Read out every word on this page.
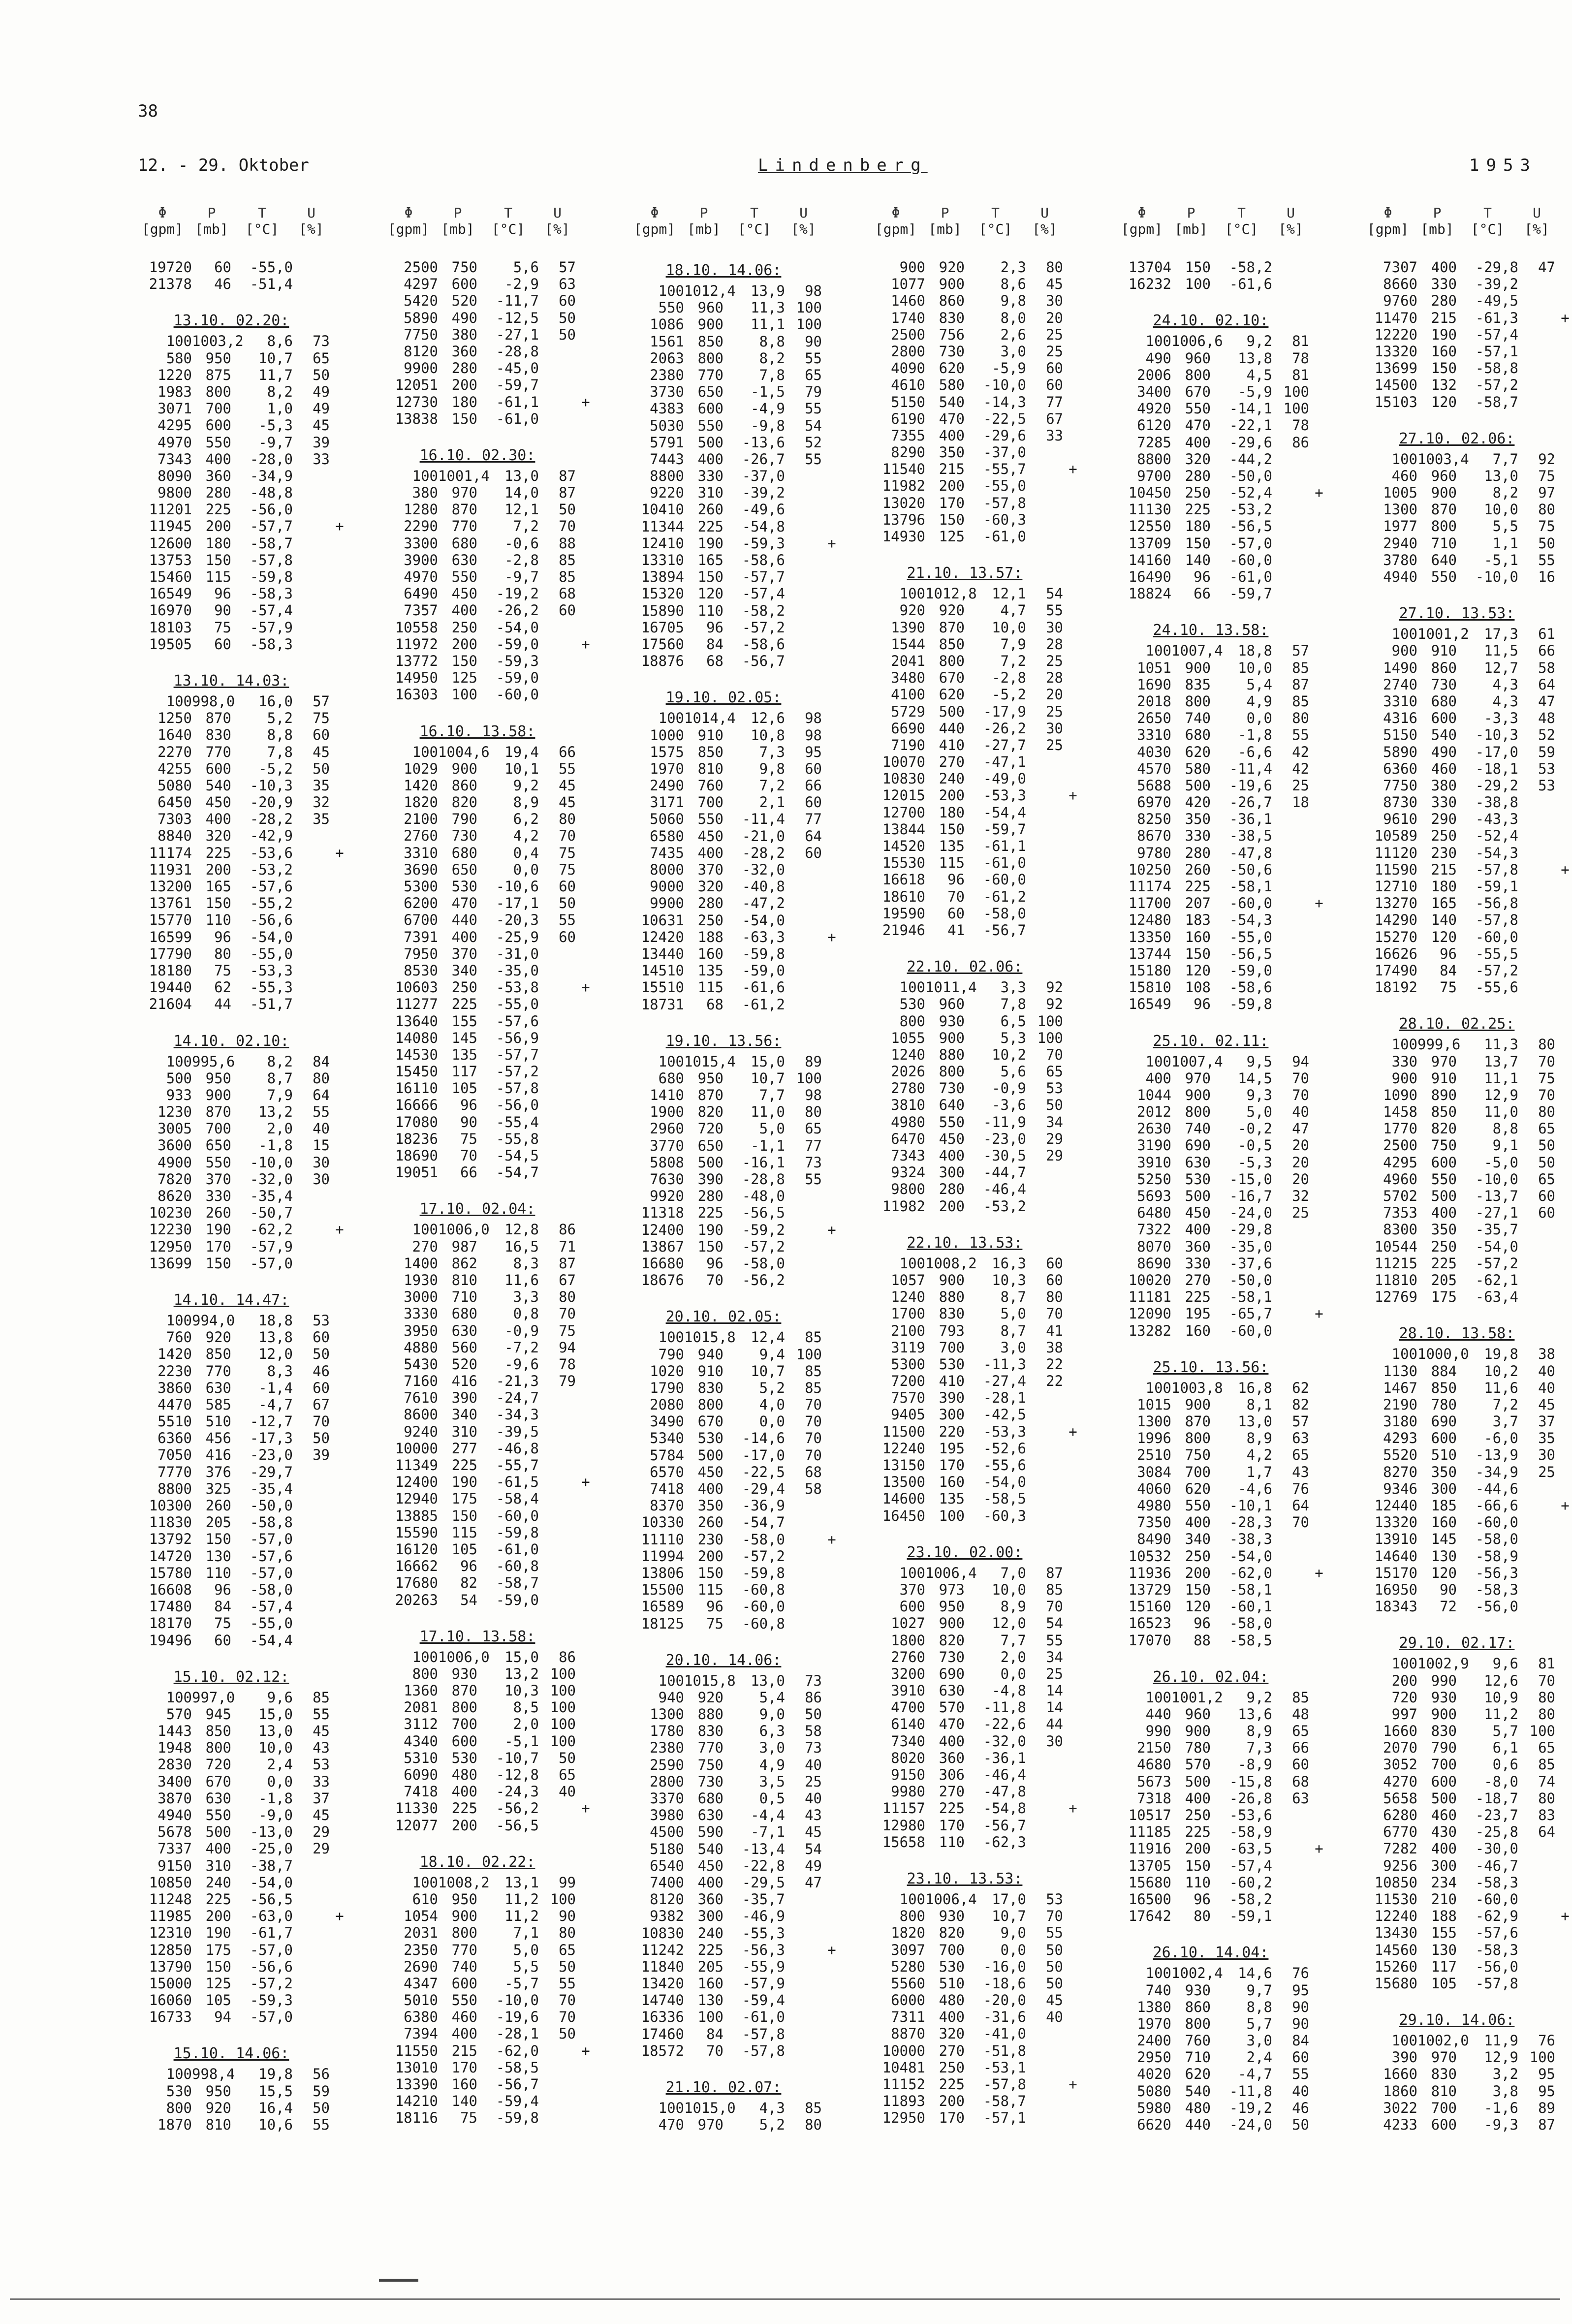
38
12. - 29. Oktober	Lindenberg	1953
Φ	P	T	U
[gpm] [mb]	[°C]	[%]
19720	60	-55,0
21378	46	-51,4
13.10. 02.20:
100 1003,2	8,6	73
580 950	10,7	65
1220 875	11,7	50
1983 800	8,2	49
3071 700	1,0	49
4295 600	-5,3	45
4970 550	-9,7	39
7343 400	-28,0	33
8090 360	-34,9
9800 280	-48,8
11201 225	-56,0
11945 200	-57,7	+
12600 180	-58,7
13753 150	-57,8
15460 115	-59,8
16549	96	-58,3
16970	90	-57,4
18103	75	-57,9
19505	60	-58,3
13.10. 14.03:
100 998,0	16,0	57
1250 870	5,2	75
1640 830	8,8	60
2270 770	7,8	45
4255 600	-5,2	50
5080 540	-10,3	35
6450 450	-20,9	32
7303 400	-28,2	35
8840 320	-42,9
11174 225	-53,6	+
11931 200	-53,2
13200 165	-57,6
13761 150	-55,2
15770 110	-56,6
16599	96	-54,0
17790	80	-55,0
18180	75	-53,3
19440	62	-55,3
21604	44	-51,7
14.10. 02.10:
100 995,6	8,2	84
500 950	8,7	80
933 900	7,9	64
1230 870	13,2	55
3005 700	2,0	40
3600 650	-1,8	15
4900 550	-10,0	30
7820 370	-32,0	30
8620 330	-35,4
10230 260	-50,7
12230 190	-62,2	+
12950 170	-57,9
13699 150	-57,0
14.10. 14.47:
100 994,0	18,8	53
760 920	13,8	60
1420 850	12,0	50
2230 770	8,3	46
3860 630	-1,4	60
4470 585	-4,7	67
5510 510	-12,7	70
6360 456	-17,3	50
7050 416	-23,0	39
7770 376	-29,7
8800 325	-35,4
10300 260	-50,0
11830 205	-58,8
13792 150	-57,0
14720 130	-57,6
15780 110	-57,0
16608	96	-58,0
17480	84	-57,4
18170	75	-55,0
19496	60	-54,4
15.10. 02.12:
100 997,0	9,6	85
570 945	15,0	55
1443 850	13,0	45
1948 800	10,0	43
2830 720	2,4	53
3400 670	0,0	33
3870 630	-1,8	37
4940 550	-9,0	45
5678 500	-13,0	29
7337 400	-25,0	29
9150 310	-38,7
10850 240	-54,0
11248 225	-56,5
11985 200	-63,0	+
12310 190	-61,7
12850 175	-57,0
13790 150	-56,6
15000 125	-57,2
16060 105	-59,3
16733	94	-57,0
15.10. 14.06:
100 998,4	19,8	56
530 950	15,5	59
800 920	16,4	50
1870 810	10,6	55
Φ	P	T	U
[gpm] [mb]	[°C]	[%]
2500 750	5,6	57
4297 600	-2,9	63
5420 520	-11,7	60
5890 490	-12,5	50
7750 380	-27,1	50
8120 360	-28,8
9900 280	-45,0
12051 200	-59,7
12730 180	-61,1	+
13838 150	-61,0
16.10. 02.30:
100 1001,4	13,0	87
380 970	14,0	87
1280 870	12,1	50
2290 770	7,2	70
3300 680	-0,6	88
3900 630	-2,8	85
4970 550	-9,7	85
6490 450	-19,2	68
7357 400	-26,2	60
10558 250	-54,0
11972 200	-59,0	+
13772 150	-59,3
14950 125	-59,0
16303 100	-60,0
16.10. 13.58:
100 1004,6	19,4	66
1029 900	10,1	55
1420 860	9,2	45
1820 820	8,9	45
2100 790	6,2	80
2760 730	4,2	70
3310 680	0,4	75
3690 650	0,0	75
5300 530	-10,6	60
6200 470	-17,1	50
6700 440	-20,3	55
7391 400	-25,9	60
7950 370	-31,0
8530 340	-35,0
10603 250	-53,8	+
11277 225	-55,0
13640 155	-57,6
14080 145	-56,9
14530 135	-57,7
15450 117	-57,2
16110 105	-57,8
16666	96	-56,0
17080	90	-55,4
18236	75	-55,8
18690	70	-54,5
19051	66	-54,7
17.10. 02.04:
100 1006,0	12,8	86
270 987	16,5	71
1400 862	8,3	87
1930 810	11,6	67
3000 710	3,3	80
3330 680	0,8	70
3950 630	-0,9	75
4880 560	-7,2	94
5430 520	-9,6	78
7160 416	-21,3	79
7610 390	-24,7
8600 340	-34,3
9240 310	-39,5
10000 277	-46,8
11349 225	-55,7
12400 190	-61,5	+
12940 175	-58,4
13885 150	-60,0
15590 115	-59,8
16120 105	-61,0
16662	96	-60,8
17680	82	-58,7
20263	54	-59,0
17.10. 13.58:
100 1006,0	15,0	86
800 930	13,2 100
1360 870	10,3 100
2081 800	8,5 100
3112 700	2,0 100
4340 600	-5,1 100
5310 530	-10,7	50
6090 480	-12,8	65
7418 400	-24,3	40
11330 225	-56,2	+
12077 200	-56,5
18.10. 02.22:
100 1008,2	13,1	99
610 950	11,2 100
1054 900	11,2	90
2031 800	7,1	80
2350 770	5,0	65
2690 740	5,5	50
4347 600	-5,7	55
5010 550	-10,0	70
6380 460	-19,6	70
7394 400	-28,1	50
11550 215	-62,0	+
13010 170	-58,5
13390 160	-56,7
14210 140	-59,4
18116	75	-59,8
Φ	P	T	U
[gpm] [mb]	[°C]	[%]
18.10. 14.06:
100 1012,4	13,9	98
550 960	11,3 100
1086 900	11,1 100
1561 850	8,8	90
2063 800	8,2	55
2380 770	7,8	65
3730 650	-1,5	79
4383 600	-4,9	55
5030 550	-9,8	54
5791 500	-13,6	52
7443 400	-26,7	55
8800 330	-37,0
9220 310	-39,2
10410 260	-49,6
11344 225	-54,8
12410 190	-59,3	+
13310 165	-58,6
13894 150	-57,7
15320 120	-57,4
15890 110	-58,2
16705	96	-57,2
17560	84	-58,6
18876	68	-56,7
19.10. 02.05:
100 1014,4	12,6	98
1000 910	10,8	98
1575 850	7,3	95
1970 810	9,8	60
2490 760	7,2	66
3171 700	2,1	60
5060 550	-11,4	77
6580 450	-21,0	64
7435 400	-28,2	60
8000 370	-32,0
9000 320	-40,8
9900 280	-47,2
10631 250	-54,0
12420 188	-63,3	+
13440 160	-59,8
14510 135	-59,0
15510 115	-61,6
18731	68	-61,2
19.10. 13.56:
100 1015,4	15,0	89
680 950	10,7 100
1410 870	7,7	98
1900 820	11,0	80
2960 720	5,0	65
3770 650	-1,1	77
5808 500	-16,1	73
7630 390	-28,8	55
9920 280	-48,0
11318 225	-56,5
12400 190	-59,2	+
13867 150	-57,2
16680	96	-58,0
18676	70	-56,2
20.10. 02.05:
100 1015,8	12,4	85
790 940	9,4 100
1020 910	10,7	85
1790 830	5,2	85
2080 800	4,0	70
3490 670	0,0	70
5340 530	-14,6	70
5784 500	-17,0	70
6570 450	-22,5	68
7418 400	-29,4	58
8370 350	-36,9
10330 260	-54,7
11110 230	-58,0	+
11994 200	-57,2
13806 150	-59,8
15500 115	-60,8
16589	96	-60,0
18125	75	-60,8
20.10. 14.06:
100 1015,8	13,0	73
940 920	5,4	86
1300 880	9,0	50
1780 830	6,3	58
2380 770	3,0	73
2590 750	4,9	40
2800 730	3,5	25
3370 680	0,5	40
3980 630	-4,4	43
4500 590	-7,1	45
5180 540	-13,4	54
6540 450	-22,8	49
7400 400	-29,5	47
8120 360	-35,7
9382 300	-46,9
10830 240	-55,3
11242 225	-56,3	+
11840 205	-55,9
13420 160	-57,9
14740 130	-59,4
16336 100	-61,0
17460	84	-57,8
18572	70	-57,8
21.10. 02.07:
100 1015,0	4,3	85
470 970	5,2	80
Φ	P	T	U
[gpm] [mb]	[°C]	[%]
900 920	2,3	80
1077 900	8,6	45
1460 860	9,8	30
1740 830	8,0	20
2500 756	2,6	25
2800 730	3,0	25
4090 620	-5,9	60
4610 580	-10,0	60
5150 540	-14,3	77
6190 470	-22,5	67
7355 400	-29,6	33
8290 350	-37,0
11540 215	-55,7	+
11982 200	-55,0
13020 170	-57,8
13796 150	-60,3
14930 125	-61,0
21.10. 13.57:
100 1012,8	12,1	54
920 920	4,7	55
1390 870	10,0	30
1544 850	7,9	28
2041 800	7,2	25
3480 670	-2,8	28
4100 620	-5,2	20
5729 500	-17,9	25
6690 440	-26,2	30
7190 410	-27,7	25
10070 270	-47,1
10830 240	-49,0
12015 200	-53,3	+
12700 180	-54,4
13844 150	-59,7
14520 135	-61,1
15530 115	-61,0
16618	96	-60,0
18610	70	-61,2
19590	60	-58,0
21946	41	-56,7
22.10. 02.06:
100 1011,4	3,3	92
530 960	7,8	92
800 930	6,5 100
1055 900	5,3 100
1240 880	10,2	70
2026 800	5,6	65
2780 730	-0,9	53
3810 640	-3,6	50
4980 550	-11,9	34
6470 450	-23,0	29
7343 400	-30,5	29
9324 300	-44,7
9800 280	-46,4
11982 200	-53,2
22.10. 13.53:
100 1008,2	16,3	60
1057 900	10,3	60
1240 880	8,7	80
1700 830	5,0	70
2100 793	8,7	41
3119 700	3,0	38
5300 530	-11,3	22
7200 410	-27,4	22
7570 390	-28,1
9405 300	-42,5
11500 220	-53,3	+
12240 195	-52,6
13150 170	-55,6
13500 160	-54,0
14600 135	-58,5
16450 100	-60,3
23.10. 02.00:
100 1006,4	7,0	87
370 973	10,0	85
600 950	8,9	70
1027 900	12,0	54
1800 820	7,7	55
2760 730	2,0	34
3200 690	0,0	25
3910 630	-4,8	14
4700 570	-11,8	14
6140 470	-22,6	44
7340 400	-32,0	30
8020 360	-36,1
9150 306	-46,4
9980 270	-47,8
11157 225	-54,8	+
12980 170	-56,7
15658 110	-62,3
23.10. 13.53:
100 1006,4	17,0	53
800 930	10,7	70
1820 820	9,0	55
3097 700	0,0	50
5280 530	-16,0	50
5560 510	-18,6	50
6000 480	-20,0	45
7311 400	-31,6	40
8870 320	-41,0
10000 270	-51,8
10481 250	-53,1
11152 225	-57,8	+
11893 200	-58,7
12950 170	-57,1
Φ	P	T	U
[gpm] [mb]	[°C]	[%]
13704 150	-58,2
16232 100	-61,6
24.10. 02.10:
100 1006,6	9,2	81
490 960	13,8	78
2006 800	4,5	81
3400 670	-5,9 100
4920 550	-14,1 100
6120 470	-22,1	78
7285 400	-29,6	86
8800 320	-44,2
9700 280	-50,0
10450 250	-52,4	+
11130 225	-53,2
12550 180	-56,5
13709 150	-57,0
14160 140	-60,0
16490	96	-61,0
18824	66	-59,7
24.10. 13.58:
100 1007,4	18,8	57
1051 900	10,0	85
1690 835	5,4	87
2018 800	4,9	85
2650 740	0,0	80
3310 680	-1,8	55
4030 620	-6,6	42
4570 580	-11,4	42
5688 500	-19,6	25
6970 420	-26,7	18
8250 350	-36,1
8670 330	-38,5
9780 280	-47,8
10250 260	-50,6
11174 225	-58,1
11700 207	-60,0	+
12480 183	-54,3
13350 160	-55,0
13744 150	-56,5
15180 120	-59,0
15810 108	-58,6
16549	96	-59,8
25.10. 02.11:
100 1007,4	9,5	94
400 970	14,5	70
1044 900	9,3	70
2012 800	5,0	40
2630 740	-0,2	47
3190 690	-0,5	20
3910 630	-5,3	20
5250 530	-15,0	20
5693 500	-16,7	32
6480 450	-24,0	25
7322 400	-29,8
8070 360	-35,0
8690 330	-37,6
10020 270	-50,0
11181 225	-58,1
12090 195	-65,7	+
13282 160	-60,0
25.10. 13.56:
100 1003,8	16,8	62
1015 900	8,1	82
1300 870	13,0	57
1996 800	8,9	63
2510 750	4,2	65
3084 700	1,7	43
4060 620	-4,6	76
4980 550	-10,1	64
7350 400	-28,3	70
8490 340	-38,3
10532 250	-54,0
11936 200	-62,0	+
13729 150	-58,1
15160 120	-60,1
16523	96	-58,0
17070	88	-58,5
26.10. 02.04:
100 1001,2	9,2	85
440 960	13,6	48
990 900	8,9	65
2150 780	7,3	66
4680 570	-8,9	60
5673 500	-15,8	68
7318 400	-26,8	63
10517 250	-53,6
11185 225	-58,9
11916 200	-63,5	+
13705 150	-57,4
15680 110	-60,2
16500	96	-58,2
17642	80	-59,1
26.10. 14.04:
100 1002,4	14,6	76
740 930	9,7	95
1380 860	8,8	90
1970 800	5,7	90
2400 760	3,0	84
2950 710	2,4	60
4020 620	-4,7	55
5080 540	-11,8	40
5980 480	-19,2	46
6620 440	-24,0	50
Φ	P	T	U
[gpm] [mb]	[°C]	[%]
7307 400	-29,8	47
8660 330	-39,2
9760 280	-49,5
11470 215	-61,3	+
12220 190	-57,4
13320 160	-57,1
13699 150	-58,8
14500 132	-57,2
15103 120	-58,7
27.10. 02.06:
100 1003,4	7,7	92
460 960	13,0	75
1005 900	8,2	97
1300 870	10,0	80
1977 800	5,5	75
2940 710	1,1	50
3780 640	-5,1	55
4940 550	-10,0	16
27.10. 13.53:
100 1001,2	17,3	61
900 910	11,5	66
1490 860	12,7	58
2740 730	4,3	64
3310 680	4,3	47
4316 600	-3,3	48
5150 540	-10,3	52
5890 490	-17,0	59
6360 460	-18,1	53
7750 380	-29,2	53
8730 330	-38,8
9610 290	-43,3
10589 250	-52,4
11120 230	-54,3
11590 215	-57,8	+
12710 180	-59,1
13270 165	-56,8
14290 140	-57,8
15270 120	-60,0
16626	96	-55,5
17490	84	-57,2
18192	75	-55,6
28.10. 02.25:
100 999,6	11,3	80
330 970	13,7	70
900 910	11,1	75
1090 890	12,9	70
1458 850	11,0	80
1770 820	8,8	65
2500 750	9,1	50
4295 600	-5,0	50
4960 550	-10,0	65
5702 500	-13,7	60
7353 400	-27,1	60
8300 350	-35,7
10544 250	-54,0
11215 225	-57,2
11810 205	-62,1
12769 175	-63,4
28.10. 13.58:
100 1000,0	19,8	38
1130 884	10,2	40
1467 850	11,6	40
2190 780	7,2	45
3180 690	3,7	37
4293 600	-6,0	35
5520 510	-13,9	30
8270 350	-34,9	25
9346 300	-44,6
12440 185	-66,6	+
13320 160	-60,0
13910 145	-58,0
14640 130	-58,9
15170 120	-56,3
16950	90	-58,3
18343	72	-56,0
29.10. 02.17:
100 1002,9	9,6	81
200 990	12,6	70
720 930	10,9	80
997 900	11,2	80
1660 830	5,7 100
2070 790	6,1	65
3052 700	0,6	85
4270 600	-8,0	74
5658 500	-18,7	80
6280 460	-23,7	83
6770 430	-25,8	64
7282 400	-30,0
9256 300	-46,7
10850 234	-58,3
11530 210	-60,0
12240 188	-62,9	+
13430 155	-57,6
14560 130	-58,3
15260 117	-56,0
15680 105	-57,8
29.10. 14.06:
100 1002,0	11,9	76
390 970	12,9 100
1660 830	3,2	95
1860 810	3,8	95
3022 700	-1,6	89
4233 600	-9,3	87
